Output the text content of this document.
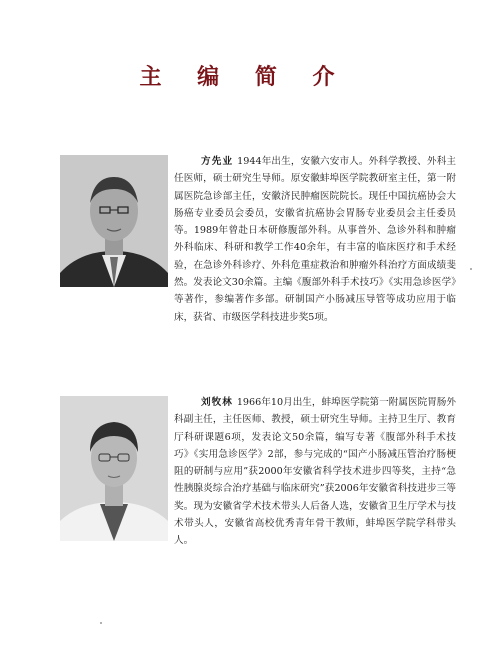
主 编 简 介
方先业 1944年出生，安徽六安市人。外科学教授、外科主任医师，硕士研究生导师。原安徽蚌埠医学院教研室主任，第一附属医院急诊部主任，安徽济民肿瘤医院院长。现任中国抗癌协会大肠癌专业委员会委员，安徽省抗癌协会胃肠专业委员会主任委员等。1989年曾赴日本研修腹部外科。从事普外、急诊外科和肿瘤外科临床、科研和教学工作40余年，有丰富的临床医疗和手术经验，在急诊外科诊疗、外科危重症救治和肿瘤外科治疗方面成绩斐然。发表论文30余篇。主编《腹部外科手术技巧》《实用急诊医学》等著作，参编著作多部。研制国产小肠减压导管等成功应用于临床，获省、市级医学科技进步奖5项。
刘牧林 1966年10月出生，蚌埠医学院第一附属医院胃肠外科副主任，主任医师、教授，硕士研究生导师。主持卫生厅、教育厅科研课题6项，发表论文50余篇，编写专著《腹部外科手术技巧》《实用急诊医学》2部，参与完成的“国产小肠减压管治疗肠梗阻的研制与应用”获2000年安徽省科学技术进步四等奖，主持“急性胰腺炎综合治疗基础与临床研究”获2006年安徽省科技进步三等奖。现为安徽省学术技术带头人后备人选，安徽省卫生厅学术与技术带头人，安徽省高校优秀青年骨干教师，蚌埠医学院学科带头人。
